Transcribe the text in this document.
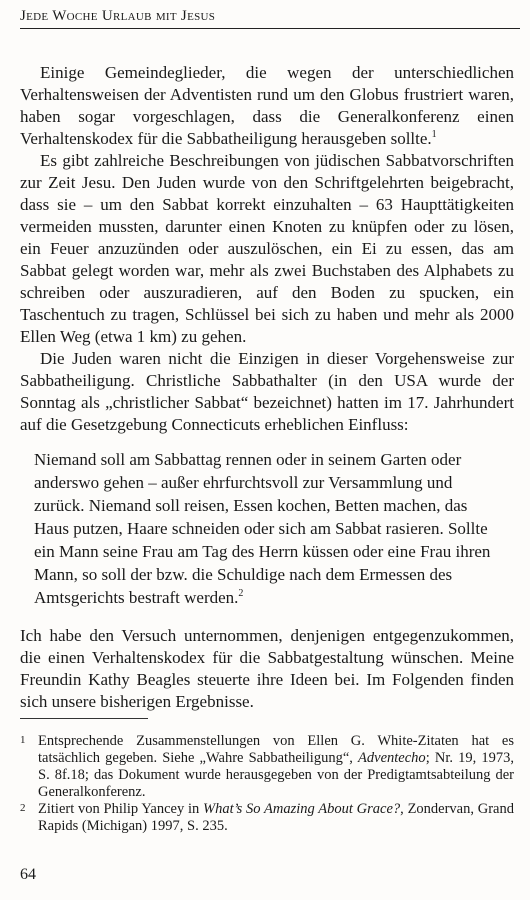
Jede Woche Urlaub mit Jesus

Einige Gemeindeglieder, die wegen der unterschiedlichen Verhaltensweisen der Adventisten rund um den Globus frustriert waren, haben sogar vorgeschlagen, dass die Generalkonferenz einen Verhaltenskodex für die Sabbatheiligung herausgeben sollte.$^1$

Es gibt zahlreiche Beschreibungen von jüdischen Sabbatvorschriften zur Zeit Jesu. Den Juden wurde von den Schriftgelehrten beigebracht, dass sie – um den Sabbat korrekt einzuhalten – 63 Haupttätigkeiten vermeiden mussten, darunter einen Knoten zu knüpfen oder zu lösen, ein Feuer anzuzünden oder auszulöschen, ein Ei zu essen, das am Sabbat gelegt worden war, mehr als zwei Buchstaben des Alphabets zu schreiben oder auszuradieren, auf den Boden zu spucken, ein Taschentuch zu tragen, Schlüssel bei sich zu haben und mehr als 2000 Ellen Weg (etwa 1 km) zu gehen.

Die Juden waren nicht die Einzigen in dieser Vorgehensweise zur Sabbatheiligung. Christliche Sabbathalter (in den USA wurde der Sonntag als „christlicher Sabbat“ bezeichnet) hatten im 17. Jahrhundert auf die Gesetzgebung Connecticuts erheblichen Einfluss:

Niemand soll am Sabbattag rennen oder in seinem Garten oder anderswo gehen – außer ehrfurchtsvoll zur Versammlung und zurück. Niemand soll reisen, Essen kochen, Betten machen, das Haus putzen, Haare schneiden oder sich am Sabbat rasieren. Sollte ein Mann seine Frau am Tag des Herrn küssen oder eine Frau ihren Mann, so soll der bzw. die Schuldige nach dem Ermessen des Amtsgerichts bestraft werden.$^2$

Ich habe den Versuch unternommen, denjenigen entgegenzukommen, die einen Verhaltenskodex für die Sabbatgestaltung wünschen. Meine Freundin Kathy Beagles steuerte ihre Ideen bei. Im Folgenden finden sich unsere bisherigen Ergebnisse.

1 Entsprechende Zusammenstellungen von Ellen G. White-Zitaten hat es tatsächlich gegeben. Siehe „Wahre Sabbatheiligung“, Adventecho; Nr. 19, 1973, S. 8f.18; das Dokument wurde herausgegeben von der Predigtamtsabteilung der Generalkonferenz.
2 Zitiert von Philip Yancey in What’s So Amazing About Grace?, Zondervan, Grand Rapids (Michigan) 1997, S. 235.
64
